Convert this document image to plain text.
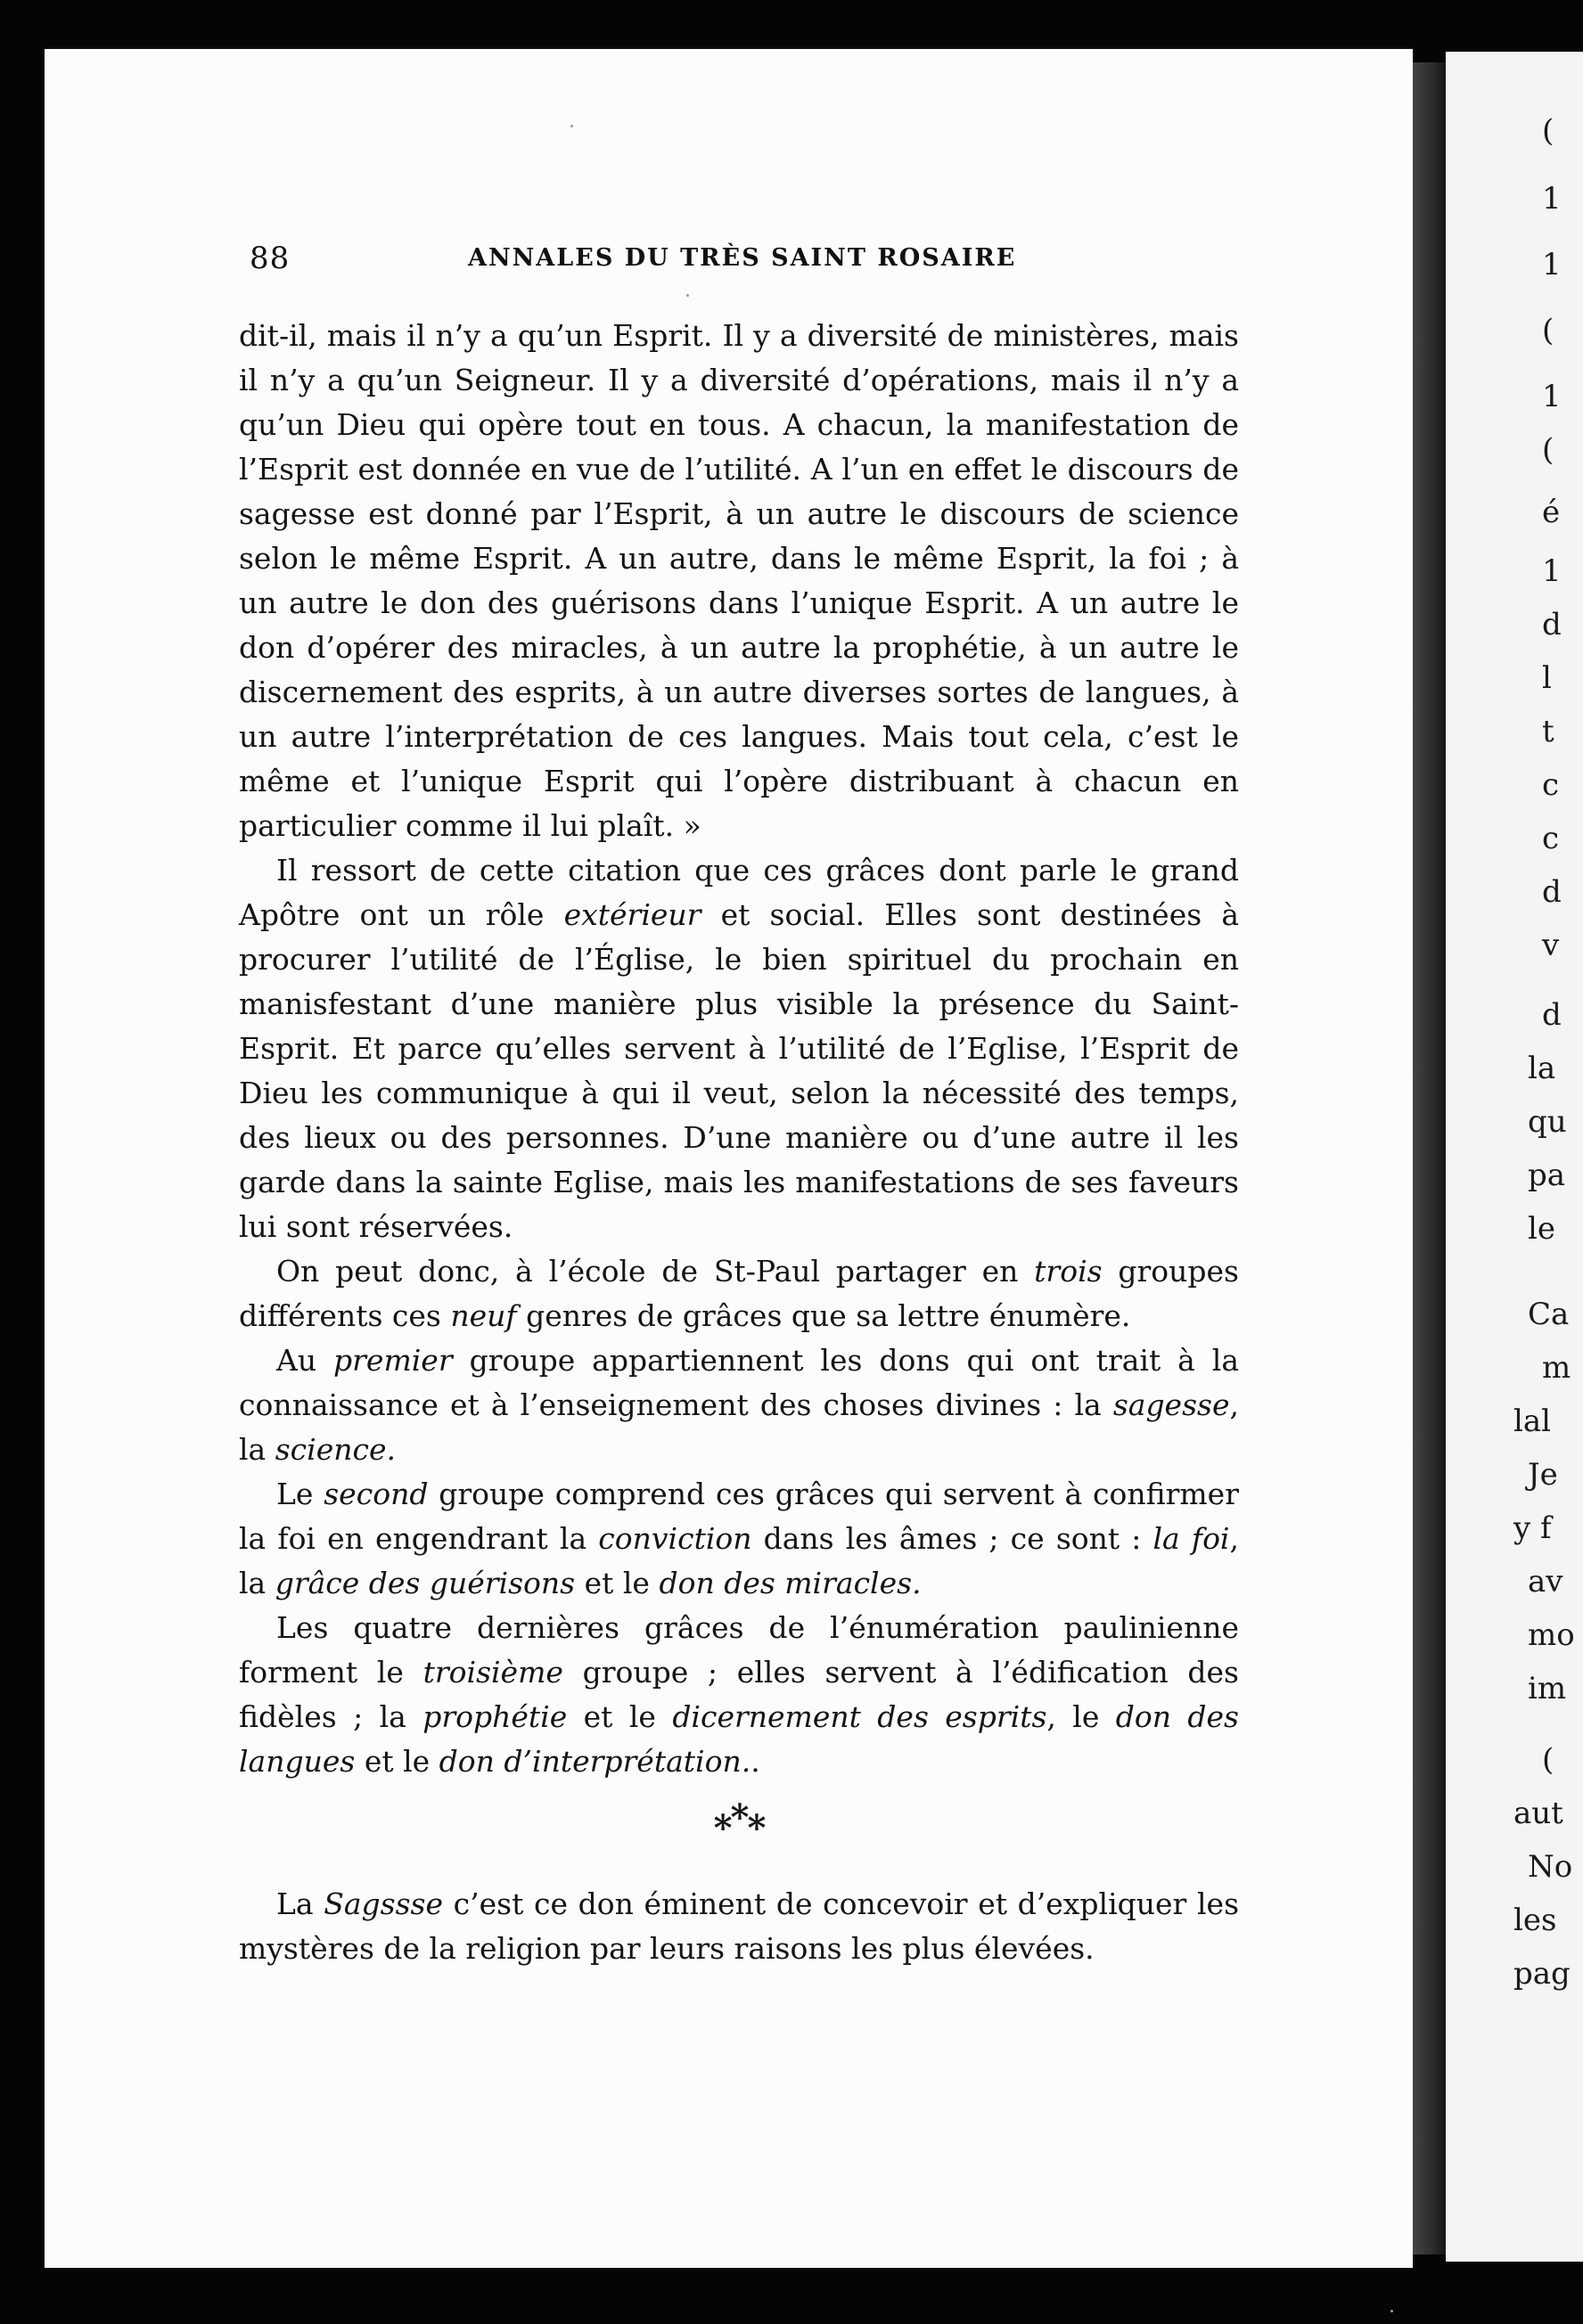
(
1
1
(
1
(
é
1
d
l
t
c
c
d
v
d
la
qu
pa
le
Ca
m
lal
Je
y f
av
mo
im
(
aut
No
les
pag
88	ANNALES DU TRÈS SAINT ROSAIRE

dit-il, mais il n’y a qu’un Esprit. Il y a diversité de ministères, mais il n’y a qu’un Seigneur. Il y a diversité d’opérations, mais il n’y a qu’un Dieu qui opère tout en tous. A chacun, la manifestation de l’Esprit est donnée en vue de l’utilité. A l’un en effet le discours de sagesse est donné par l’Esprit, à un autre le discours de science selon le même Esprit. A un autre, dans le même Esprit, la foi ; à un autre le don des guérisons dans l’unique Esprit. A un autre le don d’opérer des miracles, à un autre la prophétie, à un autre le discernement des esprits, à un autre diverses sortes de langues, à un autre l’interprétation de ces langues. Mais tout cela, c’est le même et l’unique Esprit qui l’opère distribuant à chacun en particulier comme il lui plaît. »

Il ressort de cette citation que ces grâces dont parle le grand Apôtre ont un rôle extérieur et social. Elles sont destinées à procurer l’utilité de l’Église, le bien spirituel du prochain en manisfestant d’une manière plus visible la présence du Saint-Esprit. Et parce qu’elles servent à l’utilité de l’Eglise, l’Esprit de Dieu les communique à qui il veut, selon la nécessité des temps, des lieux ou des personnes. D’une manière ou d’une autre il les garde dans la sainte Eglise, mais les manifestations de ses faveurs lui sont réservées.

On peut donc, à l’école de St-Paul partager en trois groupes différents ces neuf genres de grâces que sa lettre énumère.

Au premier groupe appartiennent les dons qui ont trait à la connaissance et à l’enseignement des choses divines : la sagesse, la science.

Le second groupe comprend ces grâces qui servent à confirmer la foi en engendrant la conviction dans les âmes ; ce sont : la foi, la grâce des guérisons et le don des miracles.

Les quatre dernières grâces de l’énumération paulinienne forment le troisième groupe ; elles servent à l’édification des fidèles ; la prophétie et le dicernement des esprits, le don des langues et le don d’interprétation..

***

La Sagssse c’est ce don éminent de concevoir et d’expliquer les mystères de la religion par leurs raisons les plus élevées.
